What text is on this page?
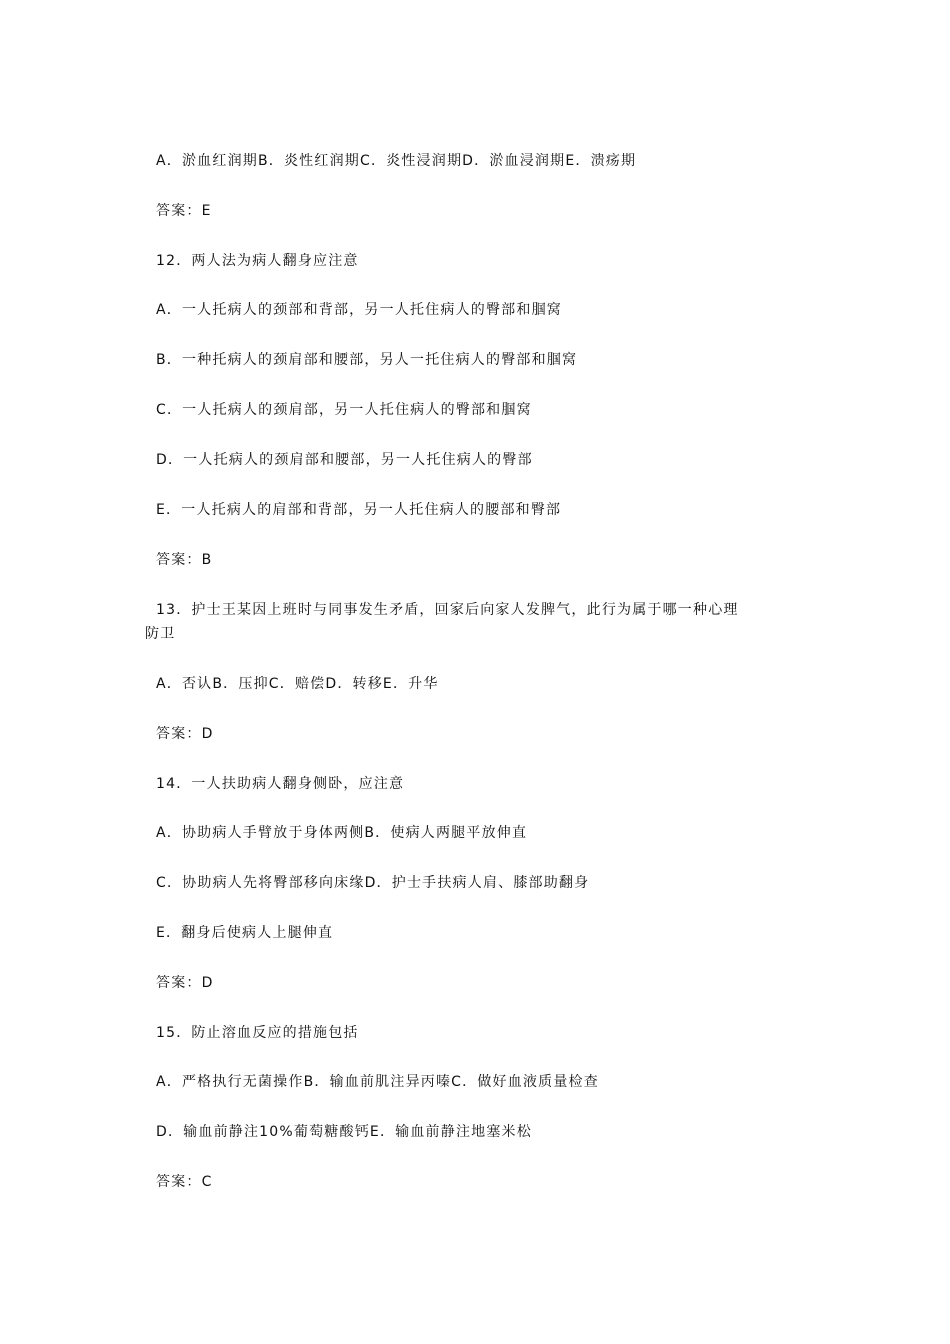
A．淤血红润期B．炎性红润期C．炎性浸润期D．淤血浸润期E．溃疡期
答案：E
12．两人法为病人翻身应注意
A．一人托病人的颈部和背部，另一人托住病人的臀部和腘窝
B．一种托病人的颈肩部和腰部，另人一托住病人的臀部和腘窝
C．一人托病人的颈肩部，另一人托住病人的臀部和腘窝
D．一人托病人的颈肩部和腰部，另一人托住病人的臀部
E．一人托病人的肩部和背部，另一人托住病人的腰部和臀部
答案：B
13．护士王某因上班时与同事发生矛盾，回家后向家人发脾气，此行为属于哪一种心理
防卫
A．否认B．压抑C．赔偿D．转移E．升华
答案：D
14．一人扶助病人翻身侧卧，应注意
A．协助病人手臂放于身体两侧B．使病人两腿平放伸直
C．协助病人先将臀部移向床缘D．护士手扶病人肩、膝部助翻身
E．翻身后使病人上腿伸直
答案：D
15．防止溶血反应的措施包括
A．严格执行无菌操作B．输血前肌注异丙嗪C．做好血液质量检查
D．输血前静注10%葡萄糖酸钙E．输血前静注地塞米松
答案：C
